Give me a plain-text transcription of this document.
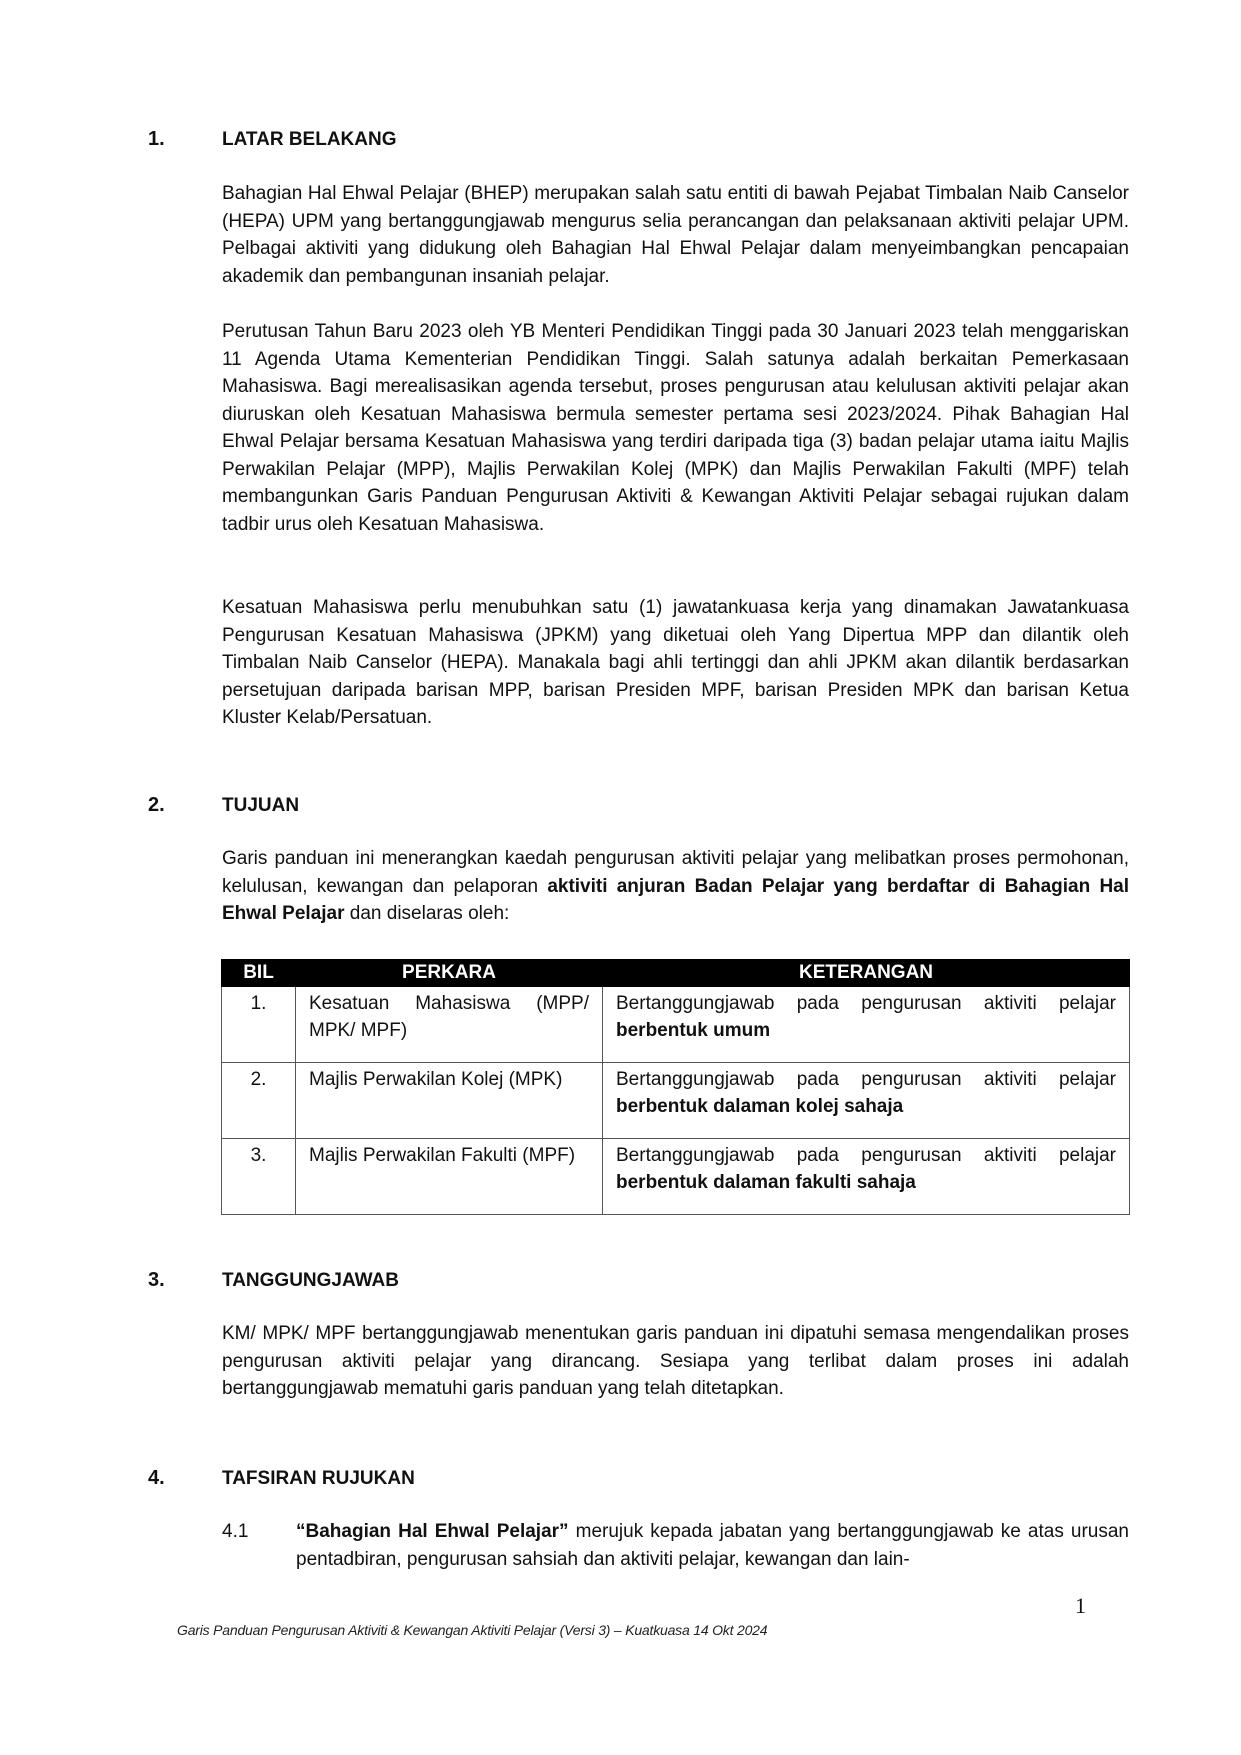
1.	LATAR BELAKANG

Bahagian Hal Ehwal Pelajar (BHEP) merupakan salah satu entiti di bawah Pejabat Timbalan Naib Canselor (HEPA) UPM yang bertanggungjawab mengurus selia perancangan dan pelaksanaan aktiviti pelajar UPM. Pelbagai aktiviti yang didukung oleh Bahagian Hal Ehwal Pelajar dalam menyeimbangkan pencapaian akademik dan pembangunan insaniah pelajar.

Perutusan Tahun Baru 2023 oleh YB Menteri Pendidikan Tinggi pada 30 Januari 2023 telah menggariskan 11 Agenda Utama Kementerian Pendidikan Tinggi. Salah satunya adalah berkaitan Pemerkasaan Mahasiswa. Bagi merealisasikan agenda tersebut, proses pengurusan atau kelulusan aktiviti pelajar akan diuruskan oleh Kesatuan Mahasiswa bermula semester pertama sesi 2023/2024. Pihak Bahagian Hal Ehwal Pelajar bersama Kesatuan Mahasiswa yang terdiri daripada tiga (3) badan pelajar utama iaitu Majlis Perwakilan Pelajar (MPP), Majlis Perwakilan Kolej (MPK) dan Majlis Perwakilan Fakulti (MPF) telah membangunkan Garis Panduan Pengurusan Aktiviti & Kewangan Aktiviti Pelajar sebagai rujukan dalam tadbir urus oleh Kesatuan Mahasiswa.

Kesatuan Mahasiswa perlu menubuhkan satu (1) jawatankuasa kerja yang dinamakan Jawatankuasa Pengurusan Kesatuan Mahasiswa (JPKM) yang diketuai oleh Yang Dipertua MPP dan dilantik oleh Timbalan Naib Canselor (HEPA). Manakala bagi ahli tertinggi dan ahli JPKM akan dilantik berdasarkan persetujuan daripada barisan MPP, barisan Presiden MPF, barisan Presiden MPK dan barisan Ketua Kluster Kelab/Persatuan.

2.	TUJUAN

Garis panduan ini menerangkan kaedah pengurusan aktiviti pelajar yang melibatkan proses permohonan, kelulusan, kewangan dan pelaporan aktiviti anjuran Badan Pelajar yang berdaftar di Bahagian Hal Ehwal Pelajar dan diselaras oleh:

BIL	PERKARA	KETERANGAN
1.	Kesatuan Mahasiswa (MPP/ MPK/ MPF)	Bertanggungjawab pada pengurusan aktiviti pelajar berbentuk umum
2.	Majlis Perwakilan Kolej (MPK)	Bertanggungjawab pada pengurusan aktiviti pelajar berbentuk dalaman kolej sahaja
3.	Majlis Perwakilan Fakulti (MPF)	Bertanggungjawab pada pengurusan aktiviti pelajar berbentuk dalaman fakulti sahaja
3.	TANGGUNGJAWAB

KM/ MPK/ MPF bertanggungjawab menentukan garis panduan ini dipatuhi semasa mengendalikan proses pengurusan aktiviti pelajar yang dirancang. Sesiapa yang terlibat dalam proses ini adalah bertanggungjawab mematuhi garis panduan yang telah ditetapkan.

4.	TAFSIRAN RUJUKAN
4.1	“Bahagian Hal Ehwal Pelajar” merujuk kepada jabatan yang bertanggungjawab ke atas urusan pentadbiran, pengurusan sahsiah dan aktiviti pelajar, kewangan dan lain-
1
Garis Panduan Pengurusan Aktiviti & Kewangan Aktiviti Pelajar (Versi 3) – Kuatkuasa 14 Okt 2024
